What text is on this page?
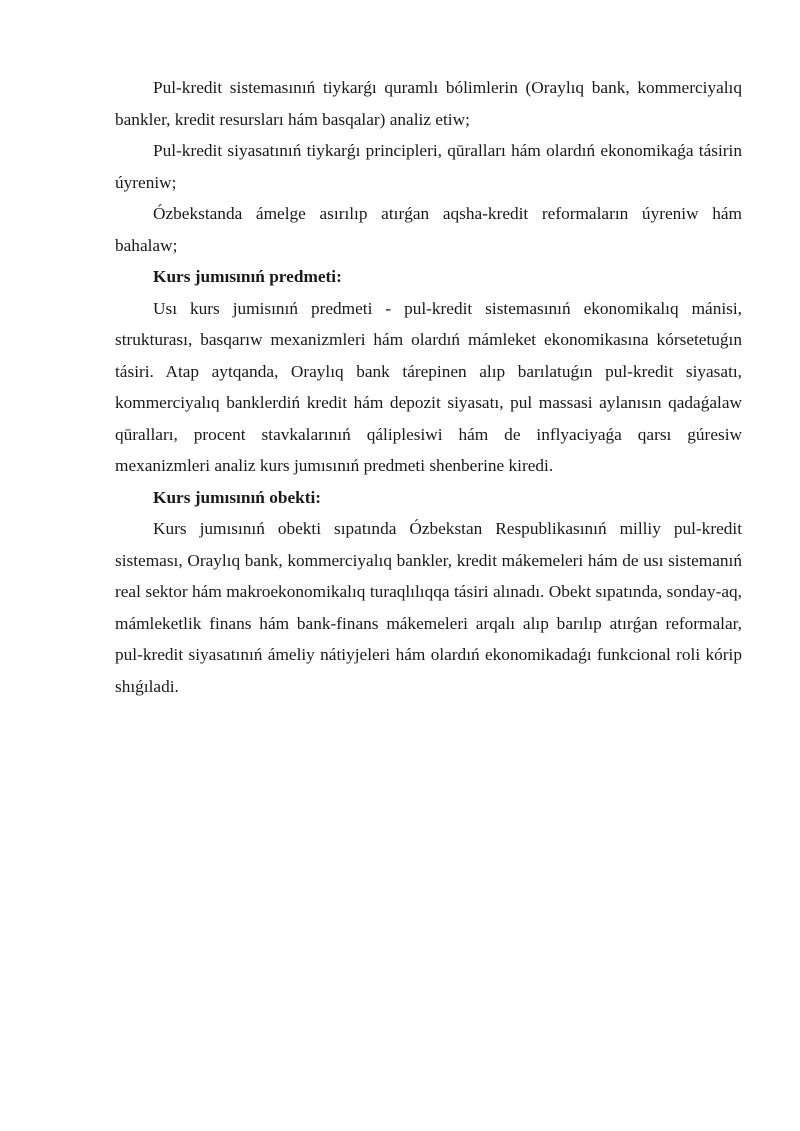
Pul-kredit sistemasınıń tiykarǵı quramlı bólimlerin (Oraylıq bank, kommerciyalıq bankler, kredit resursları hám basqalar) analiz etiw;

Pul-kredit siyasatınıń tiykarǵı principleri, qūralları hám olardıń ekonomikaǵa tásirin úyreniw;

Ózbekstanda ámelge asırılıp atırǵan aqsha-kredit reformaların úyreniw hám bahalaw;

Kurs jumısınıń predmeti:

Usı kurs jumisınıń predmeti - pul-kredit sistemasınıń ekonomikalıq mánisi, strukturası, basqarıw mexanizmleri hám olardıń mámleket ekonomikasına kórsetetuǵın tásiri. Atap aytqanda, Oraylıq bank tárepinen alıp barılatuǵın pul-kredit siyasatı, kommerciyalıq banklerdiń kredit hám depozit siyasatı, pul massasi aylanısın qadaǵalaw qūralları, procent stavkalarınıń qáliplesiwi hám de inflyaciyaǵa qarsı gúresiw mexanizmleri analiz kurs jumısınıń predmeti shenberine kiredi.

Kurs jumısınıń obekti:

Kurs jumısınıń obekti sıpatında Ózbekstan Respublikasınıń milliy pul-kredit sisteması, Oraylıq bank, kommerciyalıq bankler, kredit mákemeleri hám de usı sistemanıń real sektor hám makroekonomikalıq turaqlılıqqa tásiri alınadı. Obekt sıpatında, sonday-aq, mámleketlik finans hám bank-finans mákemeleri arqalı alıp barılıp atırǵan reformalar, pul-kredit siyasatınıń ámeliy nátiyjeleri hám olardıń ekonomikadaǵı funkcional roli kórip shıǵıladi.
